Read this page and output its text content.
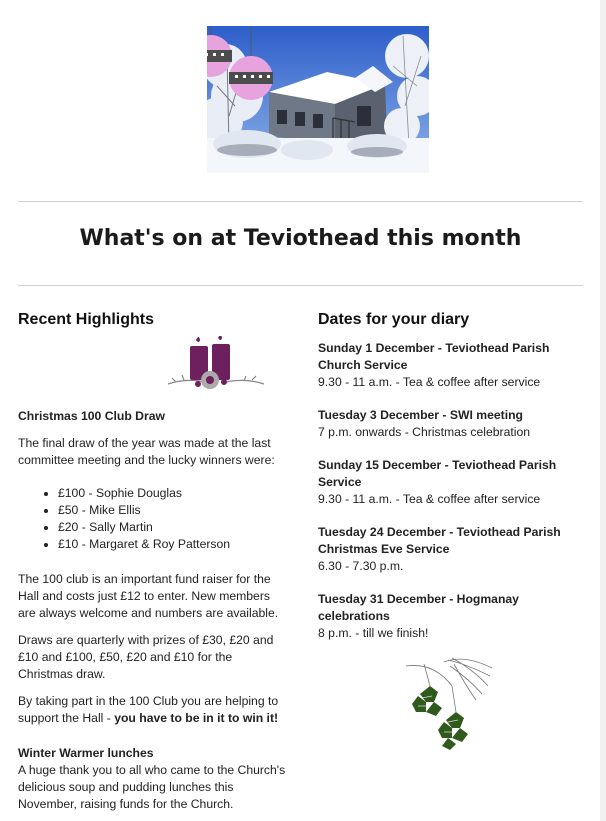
What's on at Teviothead this month
Recent Highlights

Christmas 100 Club Draw

The final draw of the year was made at the last committee meeting and the lucky winners were:

• £100 - Sophie Douglas
• £50 - Mike Ellis
• £20 - Sally Martin
• £10 - Margaret & Roy Patterson

The 100 club is an important fund raiser for the Hall and costs just £12 to enter. New members are always welcome and numbers are available.

Draws are quarterly with prizes of £30, £20 and £10 and £100, £50, £20 and £10 for the Christmas draw.

By taking part in the 100 Club you are helping to support the Hall - you have to be in it to win it!

Winter Warmer lunches

A huge thank you to all who came to the Church's delicious soup and pudding lunches this November, raising funds for the Church.

Dates for your diary

Sunday 1 December - Teviothead Parish Church Service

9.30 - 11 a.m. - Tea & coffee after service

Tuesday 3 December - SWI meeting

7 p.m. onwards - Christmas celebration

Sunday 15 December - Teviothead Parish Service

9.30 - 11 a.m. - Tea & coffee after service

Tuesday 24 December - Teviothead Parish Christmas Eve Service

6.30 - 7.30 p.m.

Tuesday 31 December - Hogmanay celebrations

8 p.m. - till we finish!
